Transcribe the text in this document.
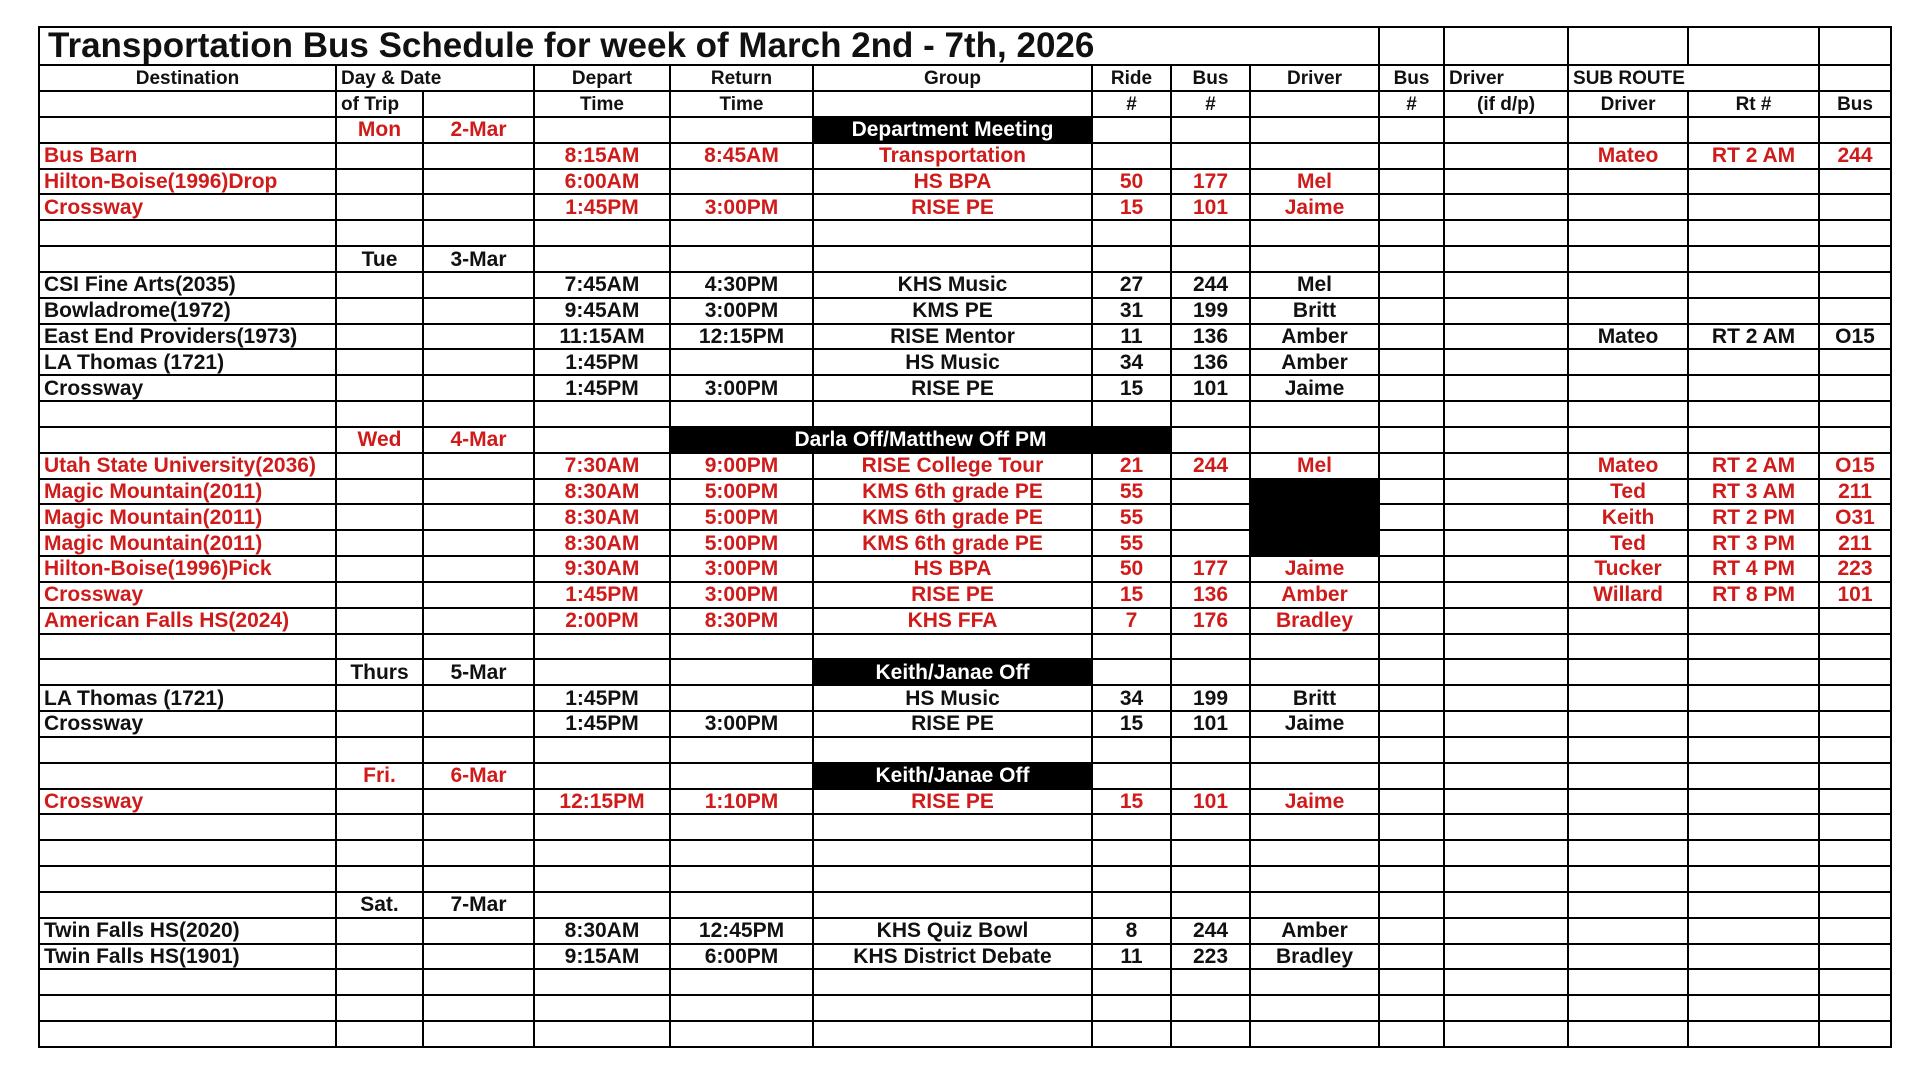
Transportation Bus Schedule for week of March 2nd - 7th, 2026													
Destination	Day & Date		Depart	Return	Group	Ride	Bus	Driver	Bus	Driver	SUB ROUTE		
	of Trip		Time	Time		#	#		#	(if d/p)	Driver	Rt #	Bus
	Mon	2-Mar			Department Meeting								
Bus Barn			8:15AM	8:45AM	Transportation						Mateo	RT 2 AM	244
Hilton-Boise(1996)Drop			6:00AM		HS BPA	50	177	Mel					
Crossway			1:45PM	3:00PM	RISE PE	15	101	Jaime					

	Tue	3-Mar											
CSI Fine Arts(2035)			7:45AM	4:30PM	KHS Music	27	244	Mel					
Bowladrome(1972)			9:45AM	3:00PM	KMS PE	31	199	Britt					
East End Providers(1973)			11:15AM	12:15PM	RISE Mentor	11	136	Amber			Mateo	RT 2 AM	O15
LA Thomas (1721)			1:45PM		HS Music	34	136	Amber					
Crossway			1:45PM	3:00PM	RISE PE	15	101	Jaime					

	Wed	4-Mar		Darla Off/Matthew Off PM									
Utah State University(2036)			7:30AM	9:00PM	RISE College Tour	21	244	Mel			Mateo	RT 2 AM	O15
Magic Mountain(2011)			8:30AM	5:00PM	KMS 6th grade PE	55					Ted	RT 3 AM	211
Magic Mountain(2011)			8:30AM	5:00PM	KMS 6th grade PE	55					Keith	RT 2 PM	O31
Magic Mountain(2011)			8:30AM	5:00PM	KMS 6th grade PE	55					Ted	RT 3 PM	211
Hilton-Boise(1996)Pick			9:30AM	3:00PM	HS BPA	50	177	Jaime			Tucker	RT 4 PM	223
Crossway			1:45PM	3:00PM	RISE PE	15	136	Amber			Willard	RT 8 PM	101
American Falls HS(2024)			2:00PM	8:30PM	KHS FFA	7	176	Bradley					

	Thurs	5-Mar			Keith/Janae Off								
LA Thomas (1721)			1:45PM		HS Music	34	199	Britt					
Crossway			1:45PM	3:00PM	RISE PE	15	101	Jaime					

	Fri.	6-Mar			Keith/Janae Off								
Crossway			12:15PM	1:10PM	RISE PE	15	101	Jaime					

	Sat.	7-Mar											
Twin Falls HS(2020)			8:30AM	12:45PM	KHS Quiz Bowl	8	244	Amber					
Twin Falls HS(1901)			9:15AM	6:00PM	KHS District Debate	11	223	Bradley					
